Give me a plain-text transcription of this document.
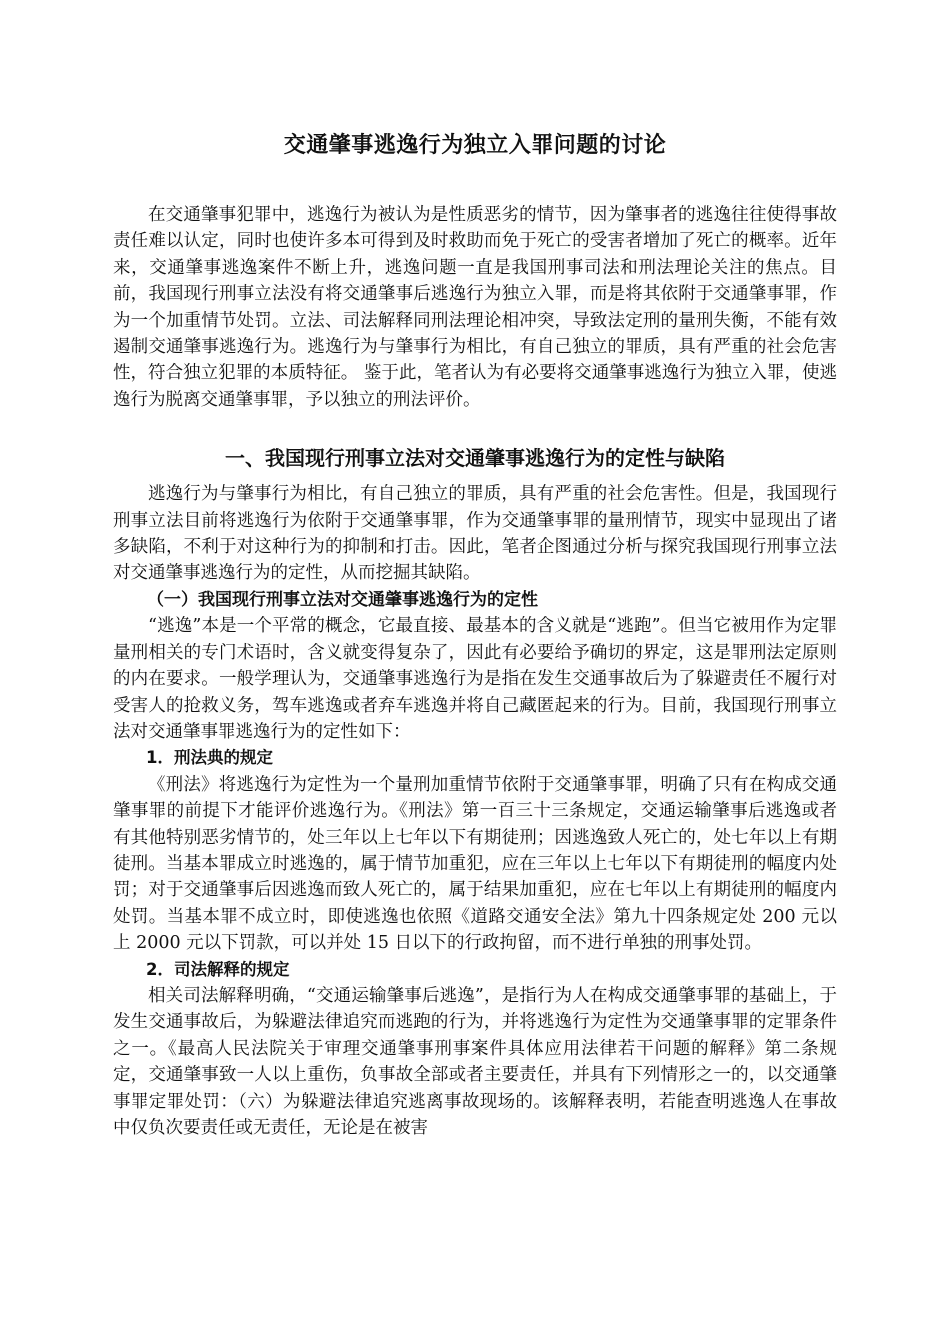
交通肇事逃逸行为独立入罪问题的讨论

在交通肇事犯罪中，逃逸行为被认为是性质恶劣的情节，因为肇事者的逃逸往往使得事故责任难以认定，同时也使许多本可得到及时救助而免于死亡的受害者增加了死亡的概率。近年来，交通肇事逃逸案件不断上升，逃逸问题一直是我国刑事司法和刑法理论关注的焦点。目前，我国现行刑事立法没有将交通肇事后逃逸行为独立入罪，而是将其依附于交通肇事罪，作为一个加重情节处罚。立法、司法解释同刑法理论相冲突，导致法定刑的量刑失衡，不能有效遏制交通肇事逃逸行为。逃逸行为与肇事行为相比，有自己独立的罪质，具有严重的社会危害性，符合独立犯罪的本质特征。 鉴于此，笔者认为有必要将交通肇事逃逸行为独立入罪，使逃逸行为脱离交通肇事罪，予以独立的刑法评价。

一、我国现行刑事立法对交通肇事逃逸行为的定性与缺陷

逃逸行为与肇事行为相比，有自己独立的罪质，具有严重的社会危害性。但是，我国现行刑事立法目前将逃逸行为依附于交通肇事罪，作为交通肇事罪的量刑情节，现实中显现出了诸多缺陷，不利于对这种行为的抑制和打击。因此，笔者企图通过分析与探究我国现行刑事立法对交通肇事逃逸行为的定性，从而挖掘其缺陷。

（一）我国现行刑事立法对交通肇事逃逸行为的定性

“逃逸”本是一个平常的概念，它最直接、最基本的含义就是“逃跑”。但当它被用作为定罪量刑相关的专门术语时，含义就变得复杂了，因此有必要给予确切的界定，这是罪刑法定原则的内在要求。一般学理认为，交通肇事逃逸行为是指在发生交通事故后为了躲避责任不履行对受害人的抢救义务，驾车逃逸或者弃车逃逸并将自己藏匿起来的行为。目前，我国现行刑事立法对交通肇事罪逃逸行为的定性如下：

1．刑法典的规定

《刑法》将逃逸行为定性为一个量刑加重情节依附于交通肇事罪，明确了只有在构成交通肇事罪的前提下才能评价逃逸行为。《刑法》第一百三十三条规定，交通运输肇事后逃逸或者有其他特别恶劣情节的，处三年以上七年以下有期徒刑；因逃逸致人死亡的，处七年以上有期徒刑。当基本罪成立时逃逸的，属于情节加重犯，应在三年以上七年以下有期徒刑的幅度内处罚；对于交通肇事后因逃逸而致人死亡的，属于结果加重犯，应在七年以上有期徒刑的幅度内处罚。当基本罪不成立时，即使逃逸也依照《道路交通安全法》第九十四条规定处 200 元以上 2000 元以下罚款，可以并处 15 日以下的行政拘留，而不进行单独的刑事处罚。

2．司法解释的规定

相关司法解释明确，“交通运输肇事后逃逸”，是指行为人在构成交通肇事罪的基础上，于发生交通事故后，为躲避法律追究而逃跑的行为，并将逃逸行为定性为交通肇事罪的定罪条件之一。《最高人民法院关于审理交通肇事刑事案件具体应用法律若干问题的解释》第二条规定，交通肇事致一人以上重伤，负事故全部或者主要责任，并具有下列情形之一的，以交通肇事罪定罪处罚：（六）为躲避法律追究逃离事故现场的。该解释表明，若能查明逃逸人在事故中仅负次要责任或无责任，无论是在被害
